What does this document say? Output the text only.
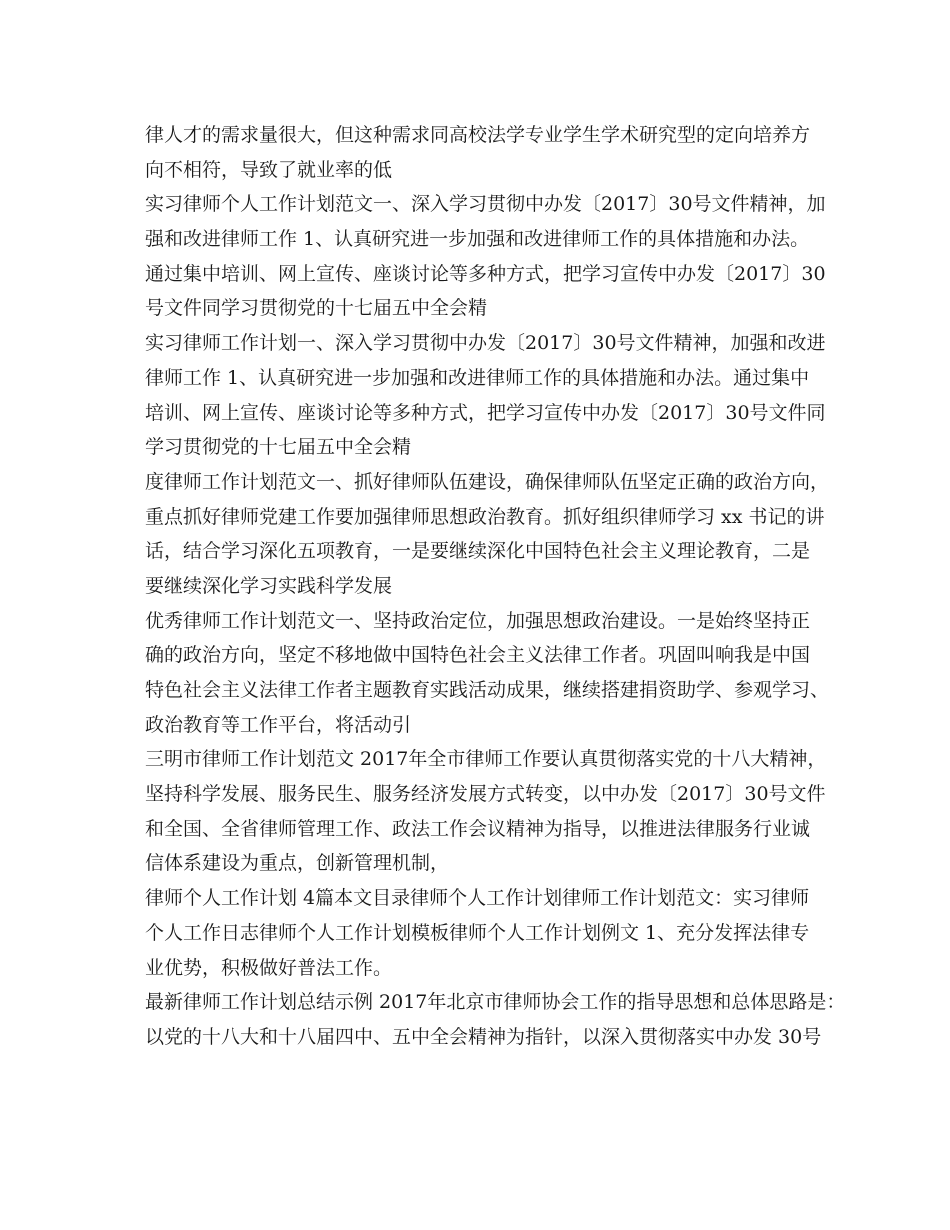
律人才的需求量很大，但这种需求同高校法学专业学生学术研究型的定向培养方
向不相符，导致了就业率的低
实习律师个人工作计划范文一、深入学习贯彻中办发〔2017〕30号文件精神，加
强和改进律师工作 1、认真研究进一步加强和改进律师工作的具体措施和办法。
通过集中培训、网上宣传、座谈讨论等多种方式，把学习宣传中办发〔2017〕30
号文件同学习贯彻党的十七届五中全会精
实习律师工作计划一、深入学习贯彻中办发〔2017〕30号文件精神，加强和改进
律师工作 1、认真研究进一步加强和改进律师工作的具体措施和办法。通过集中
培训、网上宣传、座谈讨论等多种方式，把学习宣传中办发〔2017〕30号文件同
学习贯彻党的十七届五中全会精
度律师工作计划范文一、抓好律师队伍建设，确保律师队伍坚定正确的政治方向，
重点抓好律师党建工作要加强律师思想政治教育。抓好组织律师学习 xx 书记的讲
话，结合学习深化五项教育，一是要继续深化中国特色社会主义理论教育，二是
要继续深化学习实践科学发展
优秀律师工作计划范文一、坚持政治定位，加强思想政治建设。一是始终坚持正
确的政治方向，坚定不移地做中国特色社会主义法律工作者。巩固叫响我是中国
特色社会主义法律工作者主题教育实践活动成果，继续搭建捐资助学、参观学习、
政治教育等工作平台，将活动引
三明市律师工作计划范文 2017年全市律师工作要认真贯彻落实党的十八大精神，
坚持科学发展、服务民生、服务经济发展方式转变，以中办发〔2017〕30号文件
和全国、全省律师管理工作、政法工作会议精神为指导，以推进法律服务行业诚
信体系建设为重点，创新管理机制，
律师个人工作计划 4篇本文目录律师个人工作计划律师工作计划范文：实习律师
个人工作日志律师个人工作计划模板律师个人工作计划例文 1、充分发挥法律专
业优势，积极做好普法工作。
最新律师工作计划总结示例 2017年北京市律师协会工作的指导思想和总体思路是：
以党的十八大和十八届四中、五中全会精神为指针，以深入贯彻落实中办发 30号
